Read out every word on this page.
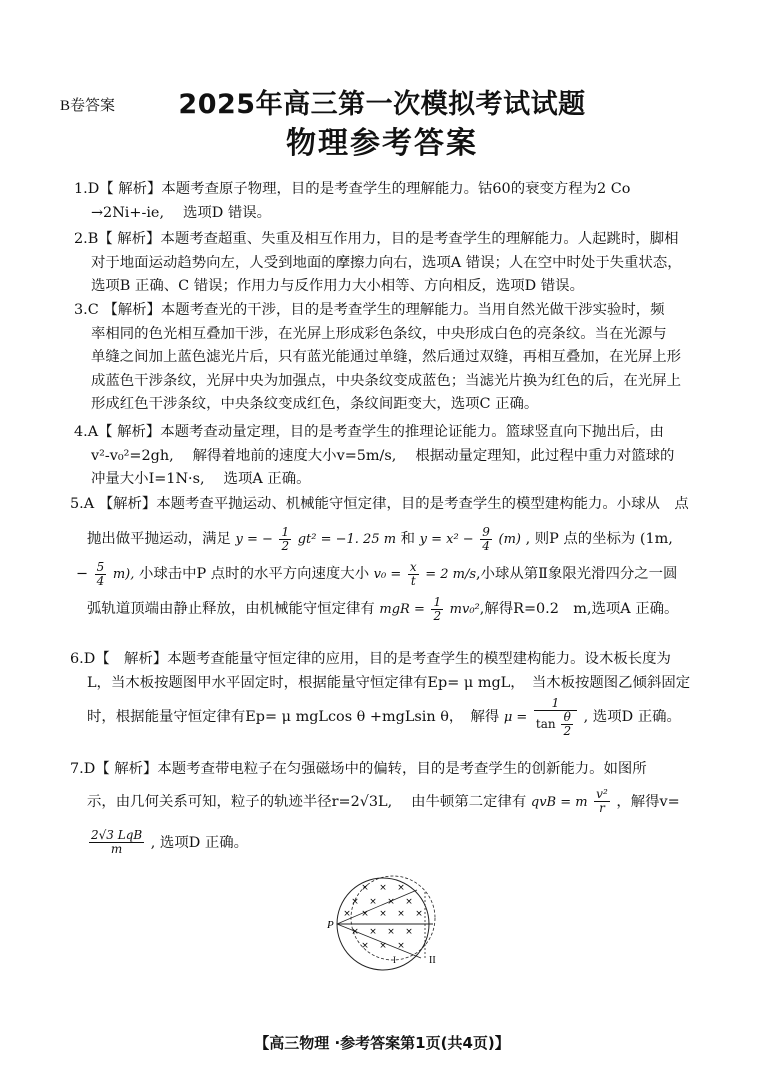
B卷答案	2025年高三第一次模拟考试试题
物理参考答案

1.D【 解析】本题考查原子物理，目的是考查学生的理解能力。钴60的衰变方程为2 Co

→2Ni+-ie,　 选项D 错误。

2.B【 解析】本题考查超重、失重及相互作用力，目的是考查学生的理解能力。人起跳时，脚相

对于地面运动趋势向左，人受到地面的摩擦力向右，选项A 错误；人在空中时处于失重状态，

选项B 正确、C 错误；作用力与反作用力大小相等、方向相反，选项D 错误。

3.C 【解析】本题考查光的干涉，目的是考查学生的理解能力。当用自然光做干涉实验时，频

率相同的色光相互叠加干涉，在光屏上形成彩色条纹，中央形成白色的亮条纹。当在光源与

单缝之间加上蓝色滤光片后，只有蓝光能通过单缝，然后通过双缝，再相互叠加，在光屏上形

成蓝色干涉条纹，光屏中央为加强点，中央条纹变成蓝色；当滤光片换为红色的后，在光屏上

形成红色干涉条纹，中央条纹变成红色，条纹间距变大，选项C 正确。

4.A【 解析】本题考查动量定理，目的是考查学生的推理论证能力。篮球竖直向下抛出后，由

v²-v₀²=2gh,　 解得着地前的速度大小v=5m/s,　 根据动量定理知，此过程中重力对篮球的

冲量大小I=1N·s,　 选项A 正确。

5.A 【解析】本题考查平抛运动、机械能守恒定律，目的是考查学生的模型建构能力。小球从　点

抛出做平抛运动，满足 y = − $\frac{1}{2} gt^2 = -1$. 25 m 和 $y = x^2 - \frac{9}{4} (m)$ , 则P 点的坐标为 (1m,

− $\frac{5}{4} m$), 小球击中P 点时的水平方向速度大小 $v_0 = \frac{x}{t} = 2$ m/s,小球从第Ⅱ象限光滑四分之一圆

弧轨道顶端由静止释放，由机械能守恒定律有 mgR = $\frac{1}{2} mv_0^2$,解得R=0.2　m,选项A 正确。

6.D【　解析】本题考查能量守恒定律的应用，目的是考查学生的模型建构能力。设木板长度为

L，当木板按题图甲水平固定时，根据能量守恒定律有Ep= μ mgL，　当木板按题图乙倾斜固定

时，根据能量守恒定律有Ep= μ mgLcos θ +mgLsin θ，　解得 $\mu = \frac{1}{\tan \frac{\theta}{2}}$ , 选项D 正确。

7.D【 解析】本题考查带电粒子在匀强磁场中的偏转，目的是考查学生的创新能力。如图所

示，由几何关系可知，粒子的轨迹半径r=2√3L,　 由牛顿第二定律有 qvB = m $\frac{\text{v²}}{r}$ ，解得v=

$\frac{\text{2√3 LqB}}{m}$ , 选项D 正确。

× × ×
× × × ×
× × × × ×
× × × ×
× × ×
P
I	II
【高三物理 ·参考答案第1页(共4页)】
